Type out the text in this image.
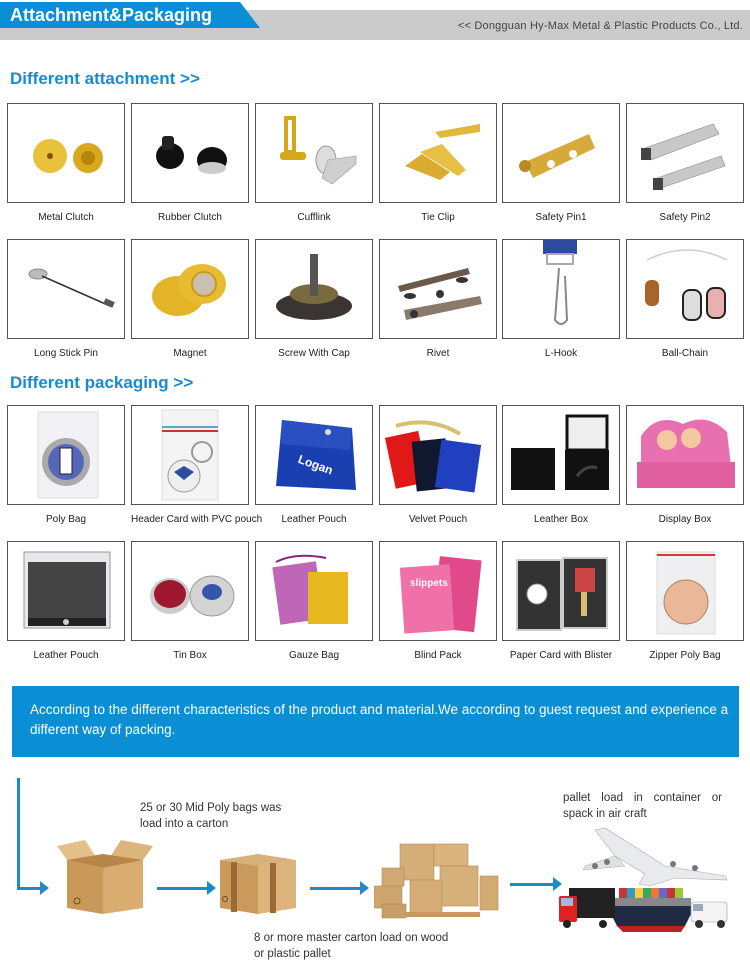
Attachment&Packaging
<< Dongguan Hy-Max Metal & Plastic Products Co., Ltd.
Different attachment >>
Metal Clutch	Rubber Clutch	Cufflink	Tie Clip	Safety Pin1	Safety Pin2
Long Stick Pin	Magnet	Screw With Cap	Rivet	L-Hook	Ball-Chain
Different packaging >>
Poly Bag	Header Card with PVC pouch
Logan
Leather Pouch	Velvet Pouch	Leather Box	Display Box
Leather Pouch	Tin Box	Gauze Bag
slippets
Blind Pack	Paper Card with Blister	Zipper Poly Bag

According to the different characteristics of the product and material.We according to guest request and experience a different way of packing.

25 or 30 Mid Poly bags was load into a carton
pallet load in container or spack in air craft
8 or more master carton load on wood or plastic pallet
